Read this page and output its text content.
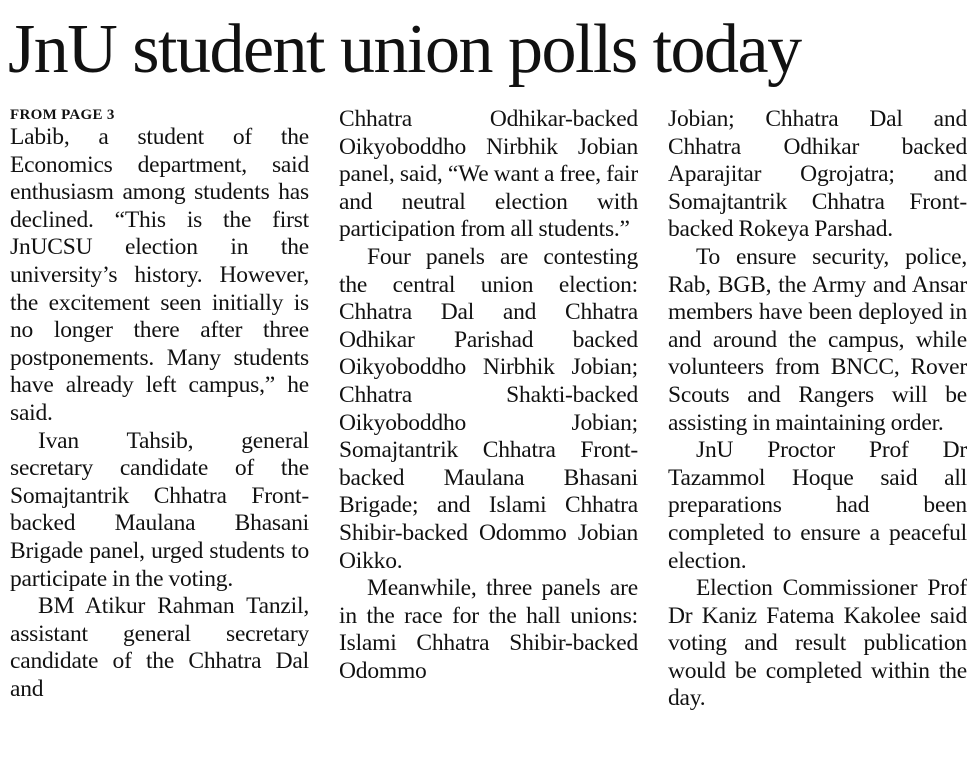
JnU student union polls today
FROM PAGE 3

Labib, a student of the Economics department, said enthusiasm among students has declined. “This is the first JnUCSU election in the university’s history. However, the excitement seen initially is no longer there after three postponements. Many students have already left campus,” he said.

Ivan Tahsib, general secretary candidate of the Somajtantrik Chhatra Front-backed Maulana Bhasani Brigade panel, urged students to participate in the voting.

BM Atikur Rahman Tanzil, assistant general secretary candidate of the Chhatra Dal and

Chhatra Odhikar-backed Oikyoboddho Nirbhik Jobian panel, said, “We want a free, fair and neutral election with participation from all students.”

Four panels are contesting the central union election: Chhatra Dal and Chhatra Odhikar Parishad backed Oikyoboddho Nirbhik Jobian; Chhatra Shakti-backed Oikyoboddho Jobian; Somajtantrik Chhatra Front-backed Maulana Bhasani Brigade; and Islami Chhatra Shibir-backed Odommo Jobian Oikko.

Meanwhile, three panels are in the race for the hall unions: Islami Chhatra Shibir-backed Odommo

Jobian; Chhatra Dal and Chhatra Odhikar backed Aparajitar Ogrojatra; and Somajtantrik Chhatra Front-backed Rokeya Parshad.

To ensure security, police, Rab, BGB, the Army and Ansar members have been deployed in and around the campus, while volunteers from BNCC, Rover Scouts and Rangers will be assisting in maintaining order.

JnU Proctor Prof Dr Tazammol Hoque said all preparations had been completed to ensure a peaceful election.

Election Commissioner Prof Dr Kaniz Fatema Kakolee said voting and result publication would be completed within the day.
